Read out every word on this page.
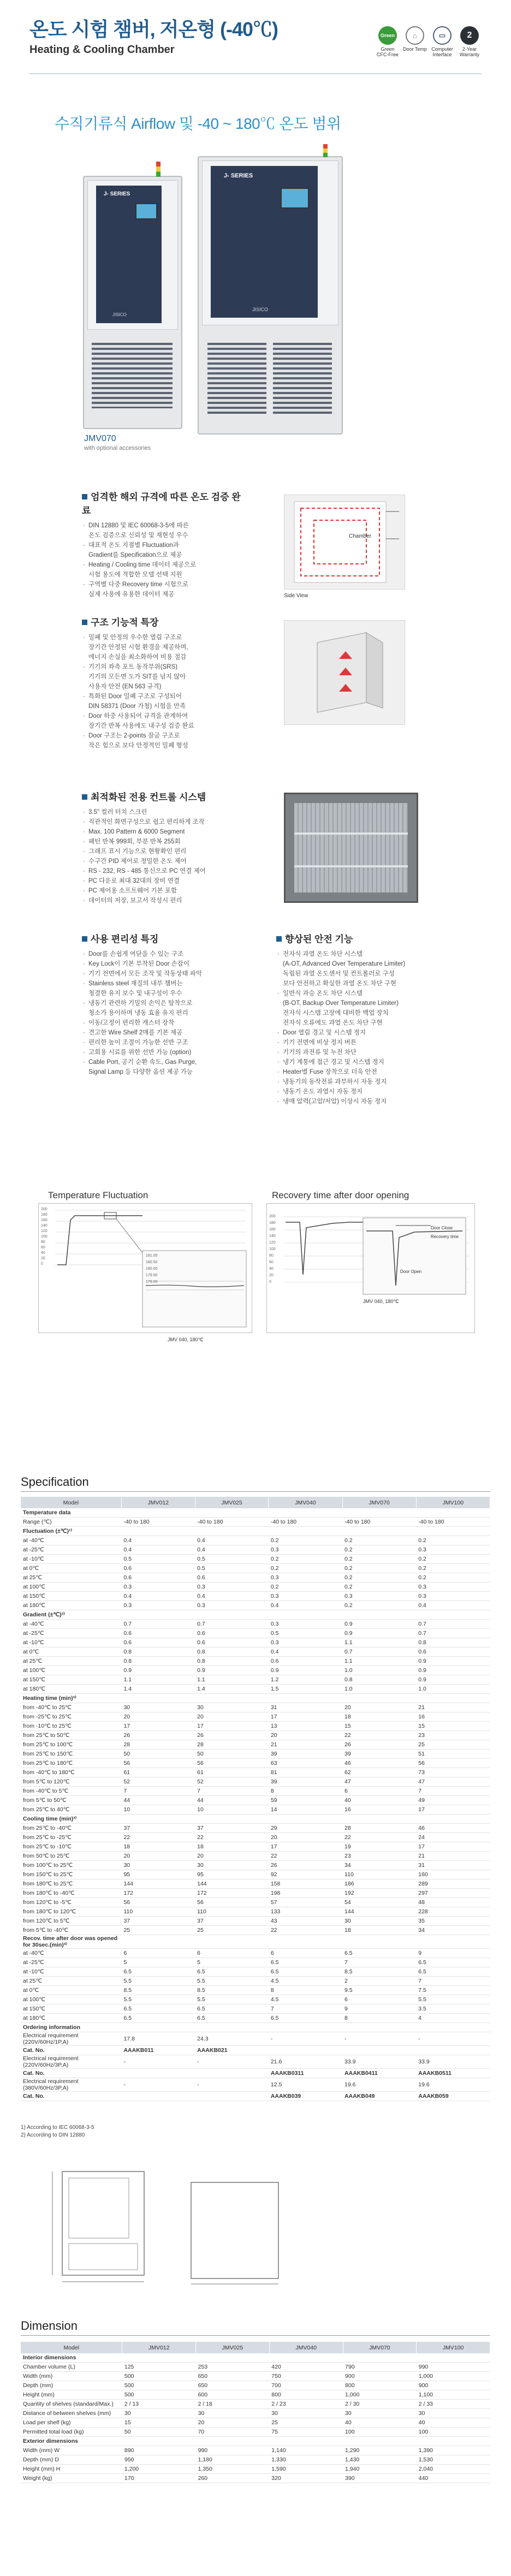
온도 시험 챔버, 저온형 (-40℃)
Heating & Cooling Chamber
Green
Green CFC-Free
⌂
Door Temp
▭
Computer Interface
2
2-Year Warranty
수직기류식 Airflow 및 -40 ~ 180℃ 온도 범위
J- SERIES
JISICO
J- SERIES
JISICO
JMV070
with optional accessories
엄격한 해외 규격에 따른 온도 검증 완료
· DIN 12880 및 IEC 60068-3-5에 따른
온도 검증으로 신뢰성 및 재현성 우수
· 대표적 온도 지점별 Fluctuation과
Gradient를 Specification으로 제공
· Heating / Cooling time 데이터 제공으로
시험 용도에 적합한 모델 선택 지원
· 구역별 다중 Recovery time 시험으로
실제 사용에 유용한 데이터 제공
Chamber
Side View
구조 기능적 특장
· 밀폐 및 안정의 우수한 열림 구조로
장기간 안정된 시험 환경을 제공하며,
에너지 손실을 최소화하여 비용 절감
· 기기의 좌측 포트 동작부위(SRS)
기기의 모든면 도가 SIT를 넘지 않아
사용자 안전 (EN 563 규격)
· 특화된 Door 밀폐 구조로 구성되어
DIN 58371 (Door 가청) 시험을 만족
· Door 하중 사용되어 규격을 관계하여
장기간 반복 사용에도 내구성 검증 완료
· Door 구조는 2-points 잠금 구조로
작은 힘으로 보다 안정적인 밀폐 형성
최적화된 전용 컨트롤 시스템
· 3.5" 컬러 터치 스크린
· 직관적인 화면구성으로 쉽고 편리하게 조작
· Max. 100 Pattern & 6000 Segment
· 패턴 반복 999회, 부분 반복 255회
· 그래프 표시 기능으로 현황확인 편리
· 수구간 PID 제어로 정밀한 온도 제어
· RS - 232, RS - 485 통신으로 PC 연결 제어
· PC 다운로 최대 32대의 장비 연결
· PC 제어용 소프트웨어 기본 포함
· 데이터의 저장, 보고서 작성시 편리
사용 편리성 특징
· Door를 손쉽게 여닫을 수 있는 구조
· Key Lock이 기본 부착된 Door 손잡이
· 기기 전면에서 모든 조작 및 작동상태 파악
· Stainless steel 재질의 내부 챔버는
청결한 유지 보수 및 내구성이 우수
· 냉동기 관련하 기밀의 손익은 탈착으로
청소가 용이하며 냉동 효율 유지 편리
· 이동/고정이 편리한 캐스터 장착
· 견고한 Wire Shelf 2매를 기본 제공
· 편리한 높이 조절이 가능한 선반 구조
· 고희용 시료를 위한 선반 가능 (option)
· Cable Port, 공기 순환 속도, Gas Purge,
Signal Lamp 등 다양한 옵션 제공 가능
향상된 안전 기능
· 전자식 과열 온도 차단 시스템
(A-OT, Advanced Over Temperature Limiter)
독립된 과열 온도센서 및 컨트롤러로 구성
보다 안전하고 확실한 과열 온도 차단 구현
· 일반식 과승 온도 차단 시스템
(B-OT, Backup Over Temperature Limiter)
전자식 시스템 고장에 대비한 백업 장치
전자식 오류에도 과열 온도 차단 구현
· Door 열림 경고 및 시스템 정지
· 기기 전면에 비상 정지 버튼
· 기기의 과전류 및 누전 차단
· 냉기 계통에 접근 경고 및 시스템 정지
· Heater별 Fuse 장착으로 더욱 안전
· 냉동기의 동작전류 과부하시 자동 정지
· 냉동기 온도 과열시 자동 정지
· 냉매 압력(고압/저압) 이상시 자동 정지
Temperature Fluctuation
200
180
160
140
120
100
80
60
40
20
0
181.00
180.50
180.00
179.50
179.00
JMV 040, 180℃
Recovery time after door opening
200
180
160
140
120
100
80
60
40
20
0
Recovery time
Door Open
Door Close
JMV 040, 180℃
Specification
Model	JMV012	JMV025	JMV040	JMV070	JMV100
Temperature data					
Range (℃)	-40 to 180	-40 to 180	-40 to 180	-40 to 180	-40 to 180
Fluctuation (±℃)¹⁾					
at -40℃	0.4	0.4	0.2	0.2	0.2
at -25℃	0.4	0.4	0.3	0.2	0.3
at -10℃	0.5	0.5	0.2	0.2	0.2
at 0℃	0.6	0.5	0.2	0.2	0.2
at 25℃	0.6	0.6	0.3	0.2	0.2
at 100℃	0.3	0.3	0.2	0.2	0.3
at 150℃	0.4	0.4	0.3	0.3	0.3
at 180℃	0.3	0.3	0.4	0.2	0.4
Gradient (±℃)²⁾					
at -40℃	0.7	0.7	0.3	0.9	0.7
at -25℃	0.6	0.6	0.5	0.9	0.7
at -10℃	0.6	0.6	0.3	1.1	0.8
at 0℃	0.8	0.8	0.4	0.7	0.6
at 25℃	0.8	0.8	0.6	1.1	0.9
at 100℃	0.9	0.9	0.9	1.0	0.9
at 150℃	1.1	1.1	1.2	0.8	0.9
at 180℃	1.4	1.4	1.5	1.0	1.0
Heating time (min)³⁾					
from -40℃ to 25℃	30	30	31	20	21
from -25℃ to 25℃	20	20	17	18	16
from -10℃ to 25℃	17	17	13	15	15
from 25℃ to 50℃	26	26	20	22	23
from 25℃ to 100℃	28	28	21	26	25
from 25℃ to 150℃	50	50	39	39	51
from 25℃ to 180℃	56	56	63	46	56
from -40℃ to 180℃	61	61	81	62	73
from 5℃ to 120℃	52	52	39	47	47
from -40℃ to 5℃	7	7	8	6	7
from 5℃ to 50℃	44	44	59	40	49
from 25℃ to 40℃	10	10	14	16	17
Cooling time (min)³⁾					
from 25℃ to -40℃	37	37	29	28	46
from 25℃ to -25℃	22	22	20	22	24
from 25℃ to -10℃	18	18	17	19	17
from 50℃ to 25℃	20	20	22	23	21
from 100℃ to 25℃	30	30	26	34	31
from 150℃ to 25℃	95	95	92	110	160
from 180℃ to 25℃	144	144	158	186	289
from 180℃ to -40℃	172	172	198	192	297
from 120℃ to -5℃	56	56	57	54	48
from 180℃ to 120℃	110	110	133	144	228
from 120℃ to 5℃	37	37	43	30	35
from 5℃ to -40℃	25	25	22	18	34
Recov. time after door was opened for 30sec.(min)³⁾					
at -40℃	6	6	6	6.5	9
at -25℃	5	5	6.5	7	6.5
at -10℃	6.5	6.5	6.5	8.5	6.5
at 25℃	5.5	5.5	4.5	2	7
at 0℃	8.5	8.5	8	9.5	7.5
at 100℃	5.5	5.5	4.5	6	5.5
at 150℃	6.5	6.5	7	9	3.5
at 180℃	6.5	6.5	6.5	8	4
Ordering information					
Electrical requirement (220V/60Hz/1P,A)	17.8	24.3	-	-	-
Cat. No.	AAAKB011	AAAKB021			
Electrical requirement (220V/60Hz/3P,A)	-	-	21.6	33.9	33.9
Cat. No.			AAAKB0311	AAAKB0411	AAAKB0511
Electrical requirement (380V/60Hz/3P,A)	-	-	12.5	19.6	19.6
Cat. No.			AAAKB039	AAAKB049	AAAKB059
1) According to IEC 60068-3-5
2) According to DIN 12880
Dimension
Model	JMV012	JMV025	JMV040	JMV070	JMV100
Interior dimensions					
Chamber volume (L)	125	253	420	790	990
Width (mm)	500	650	750	900	1,000
Depth (mm)	500	650	700	800	900
Height (mm)	500	600	800	1,000	1,100
Quantity of shelves (standard/Max.)	2 / 13	2 / 18	2 / 23	2 / 30	2 / 33
Distance of between shelves (mm)	30	30	30	30	30
Load per shelf (kg)	15	20	25	40	40
Permitted total load (kg)	50	70	75	100	100
Exterior dimensions					
Width (mm) W	890	990	1,140	1,290	1,390
Depth (mm) D	950	1,180	1,330	1,430	1,530
Height (mm) H	1,200	1,350	1,590	1,940	2,040
Weight (kg)	170	260	320	390	440
